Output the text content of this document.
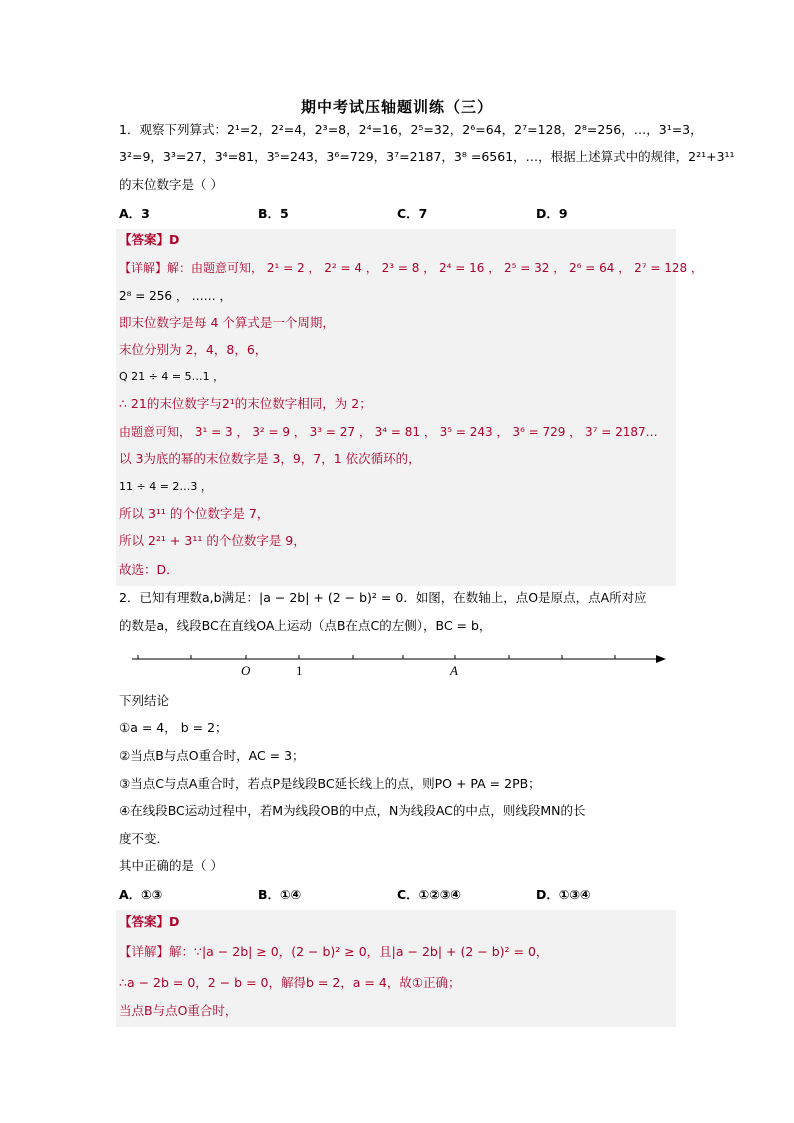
期中考试压轴题训练（三）
1．观察下列算式：2¹=2，2²=4，2³=8，2⁴=16，2⁵=32，2⁶=64，2⁷=128，2⁸=256，…，3¹=3，
3²=9，3³=27，3⁴=81，3⁵=243，3⁶=729，3⁷=2187，3⁸ =6561，…，根据上述算式中的规律，2²¹+3¹¹
的末位数字是（ ）
A．3	B．5	C．7	D．9
【答案】D
【详解】解：由题意可知， 2¹ = 2 ， 2² = 4 ， 2³ = 8 ， 2⁴ = 16 ， 2⁵ = 32 ， 2⁶ = 64 ， 2⁷ = 128 ，
2⁸ = 256 ， …… ，
即末位数字是每 4 个算式是一个周期，
末位分别为 2，4，8，6，
Q 21 ÷ 4 = 5…1 ，
∴ 21的末位数字与2¹的末位数字相同，为 2；
由题意可知， 3¹ = 3 ， 3² = 9 ， 3³ = 27 ， 3⁴ = 81 ， 3⁵ = 243 ， 3⁶ = 729 ， 3⁷ = 2187…
以 3为底的幂的末位数字是 3，9，7，1 依次循环的，
11 ÷ 4 = 2…3 ，
所以 3¹¹ 的个位数字是 7，
所以 2²¹ + 3¹¹ 的个位数字是 9，
故选：D．
2．已知有理数a,b满足：|a − 2b| + (2 − b)² = 0．如图，在数轴上，点O是原点，点A所对应
的数是a，线段BC在直线OA上运动（点B在点C的左侧），BC = b，
O	1	A
下列结论
①a = 4， b = 2；
②当点B与点O重合时，AC = 3；
③当点C与点A重合时，若点P是线段BC延长线上的点，则PO + PA = 2PB；
④在线段BC运动过程中，若M为线段OB的中点，N为线段AC的中点，则线段MN的长
度不变．
其中正确的是（ ）
A．①③	B．①④	C．①②③④	D．①③④
【答案】D
【详解】解：∵|a − 2b| ≥ 0，(2 − b)² ≥ 0，且|a − 2b| + (2 − b)² = 0，
∴a − 2b = 0，2 − b = 0，解得b = 2，a = 4，故①正确；
当点B与点O重合时，
